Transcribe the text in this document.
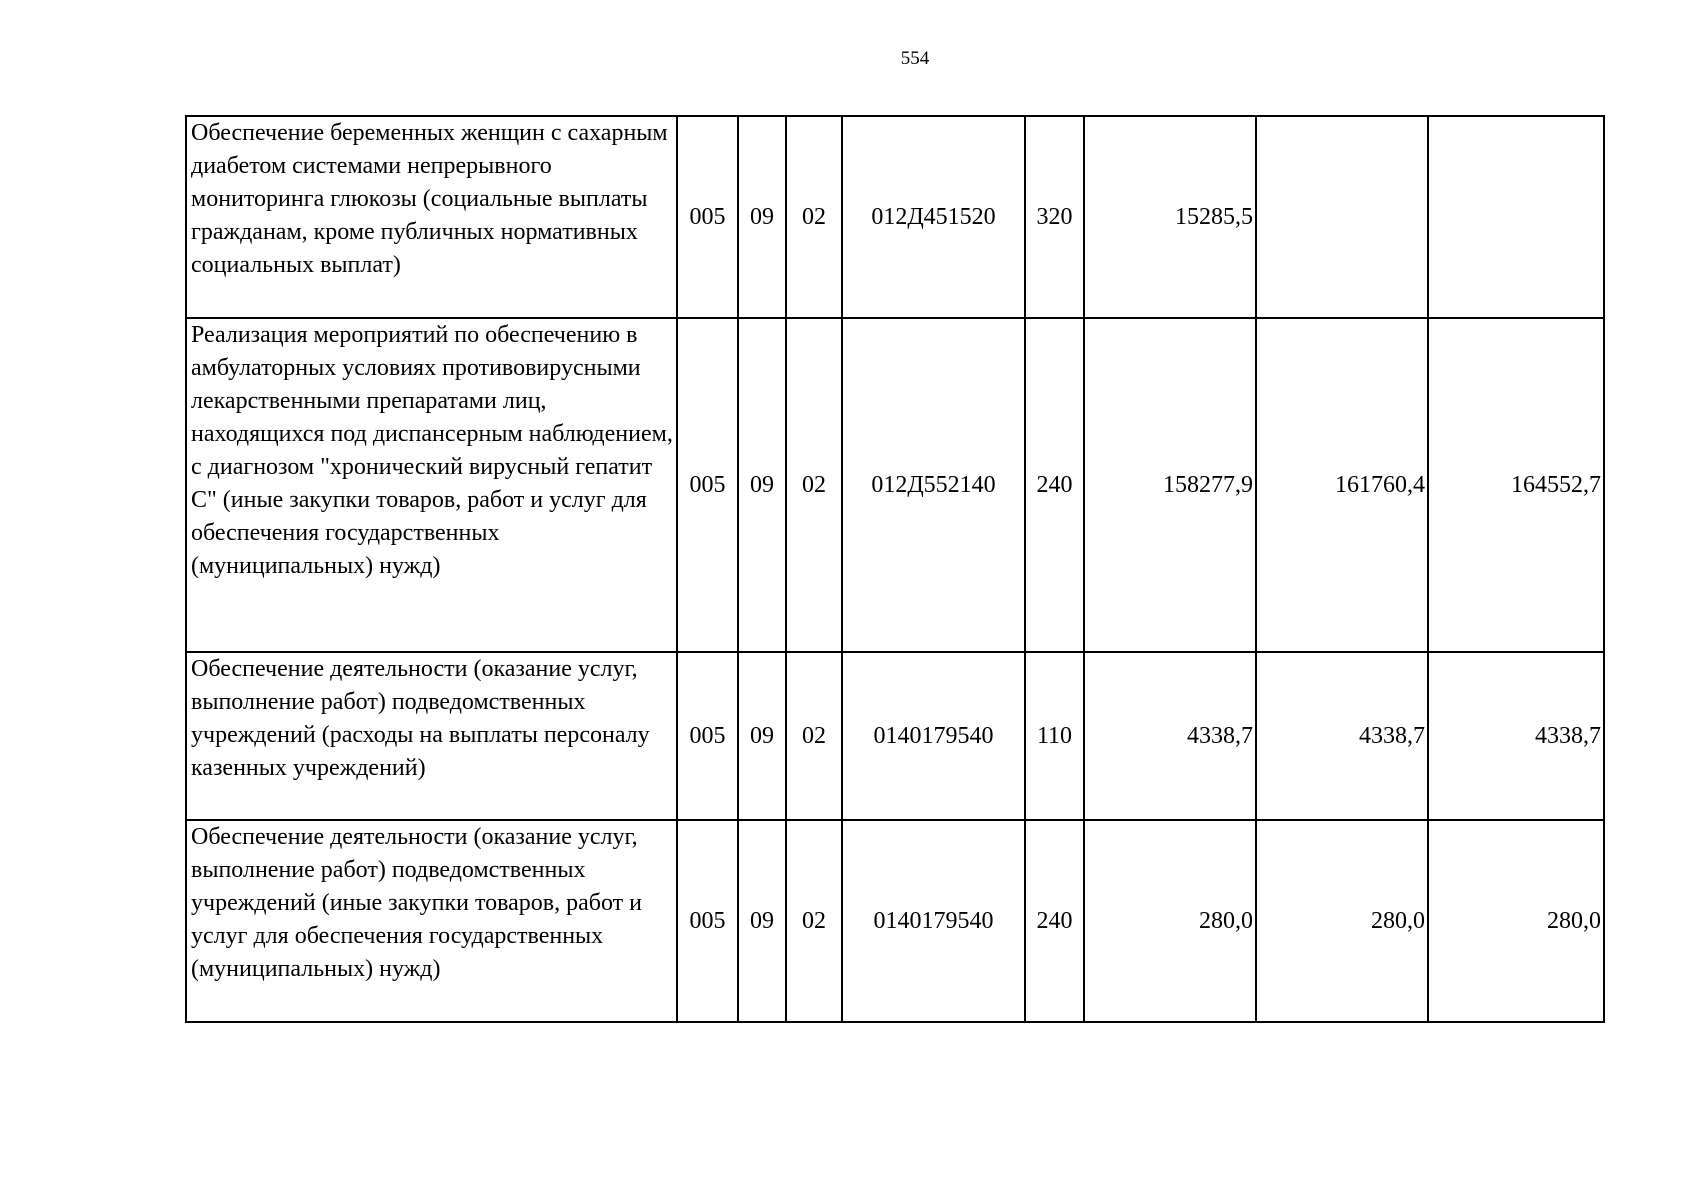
554
Обеспечение беременных женщин с сахарным диабетом системами непрерывного мониторинга глюкозы (социальные выплаты гражданам, кроме публичных нормативных социальных выплат)	005	09	02	012Д451520	320	15285,5		
Реализация мероприятий по обеспечению в амбулаторных условиях противовирусными лекарственными препаратами лиц, находящихся под диспансерным наблюдением, с диагнозом "хронический вирусный гепатит С" (иные закупки товаров, работ и услуг для обеспечения государственных (муниципальных) нужд)	005	09	02	012Д552140	240	158277,9	161760,4	164552,7
Обеспечение деятельности (оказание услуг, выполнение работ) подведомственных учреждений (расходы на выплаты персоналу казенных учреждений)	005	09	02	0140179540	110	4338,7	4338,7	4338,7
Обеспечение деятельности (оказание услуг, выполнение работ) подведомственных учреждений (иные закупки товаров, работ и услуг для обеспечения государственных (муниципальных) нужд)	005	09	02	0140179540	240	280,0	280,0	280,0
